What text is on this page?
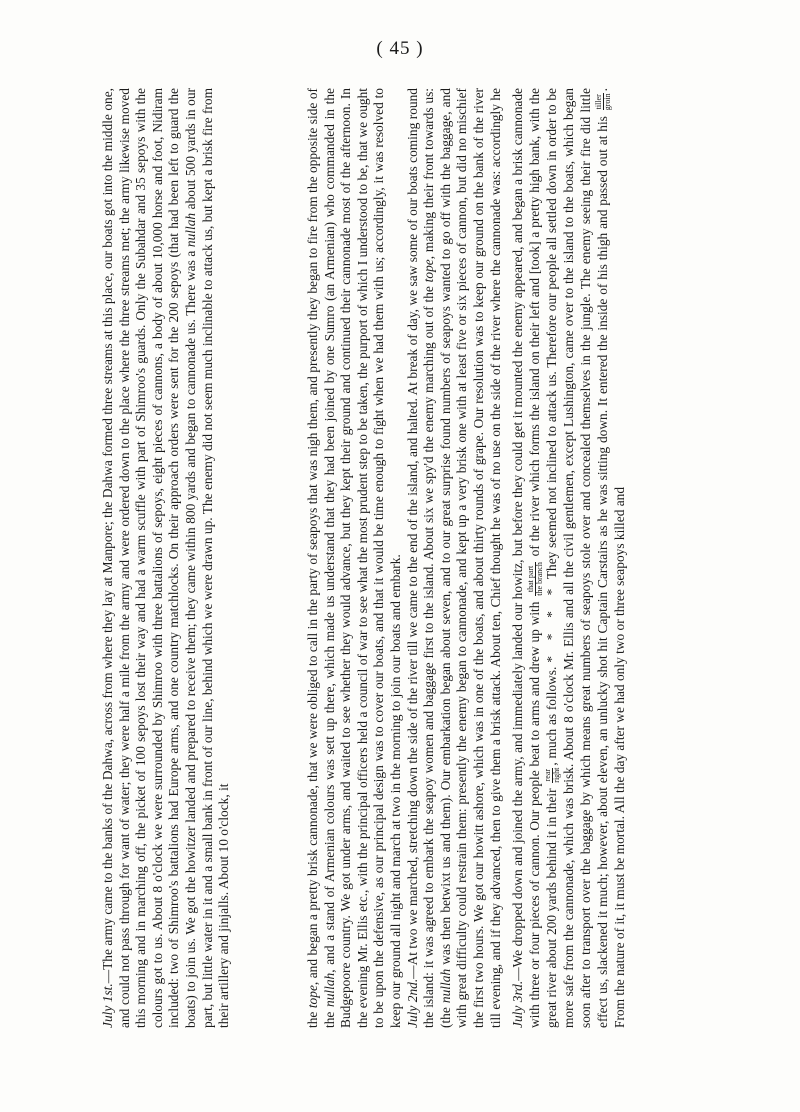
( 45 )

July 1st.—The army came to the banks of the Dahwa, across from where they lay at Manpore; the Dahwa formed three streams at this place, our boats got into the middle one, and could not pass through for want of water; they were half a mile from the army and were ordered down to the place where the three streams met; the army likewise moved this morning and in marching off, the picket of 100 sepoys lost their way and had a warm scuffle with part of Shimroo's guards. Only the Subahdar and 35 sepoys with the colours got to us. About 8 o'clock we were surrounded by Shimroo with three battalions of sepoys, eight pieces of cannons, a body of about 10,000 horse and foot, Nidiram included: two of Shimroo's battalions had Europe arms, and one country matchlocks. On their approach orders were sent for the 200 sepoys (that had been left to guard the boats) to join us. We got the howitzer landed and prepared to receive them; they came within 800 yards and began to cannonade us. There was a nullah about 500 yards in our part, but little water in it and a small bank in front of our line, behind which we were drawn up. The enemy did not seem much inclinable to attack us, but kept a brisk fire from their artillery and jinjalls. About 10 o'clock, it	the tope, and began a pretty brisk cannonade, that we were obliged to call in the party of seapoys that was nigh them, and presently they began to fire from the opposite side of the nullah, and a stand of Armenian colours was sett up there, which made us understand that they had been joined by one Sumro (an Armenian) who commanded in the Budgepoore country. We got under arms, and waited to see whether they would advance, but they kept their ground and continued their cannonade most of the afternoon. In the evening Mr. Ellis etc., with the principal officers held a council of war to see what the most prudent step to be taken, the purport of which I understood to be, that we ought to be upon the defensive, as our principal design was to cover our boats, and that it would be time enough to fight when we had them with us; accordingly, it was resolved to keep our ground all night and march at two in the morning to join our boats and embark. July 2nd.—At two we marched, stretching down the side of the river till we came to the end of the island, and halted. At break of day, we saw some of our boats coming round the island: it was agreed to embark the seapoy women and baggage first to the island. About six we spy'd the enemy marching out of the tope, making their front towards us: (the nullah was then betwixt us and them). Our embarkation began about seven, and to our great surprise found numbers of seapoys wanted to go off with the baggage, and with great difficulty could restrain them: presently the enemy began to cannonade, and kept up a very brisk one with at least five or six pieces of cannon, but did no mischief the first two hours. We got our howitt ashore, which was in one of the boats, and about thirty rounds of grape. Our resolution was to keep our ground on the bank of the river till evening, and if they advanced, then to give them a brisk attack. About ten, Chief thought he was of no use on the side of the river where the cannonade was: accordingly he

July 3rd.—We dropped down and joined the army, and immediately landed our howitz, but before they could get it mounted the enemy appeared, and began a brisk cannonade with three or four pieces of cannon. Our people beat to arms and drew up with
that part the branch
of the river which forms the island on their left and [took] a pretty high bank, with the great river about 200 yards behind it in their
rear right
, much as follows.* * * * They seemed not inclined to attack us. Therefore our people all settled down in order to be more safe from the cannonade, which was brisk. About 8 o'clock Mr. Ellis and all the civil gentlemen, except Lushington, came over to the island to the boats, which began soon after to transport over the baggage by which means great numbers of seapoys stole over and concealed themselves in the jungle. The enemy seeing their fire did little effect us, slackened it much; however, about eleven, an unlucky shot hit Captain Carstairs as he was sitting down. It entered the inside of his thigh and passed out at his
tiller groin
. From the nature of it, it must be mortal. All the day after we had only two or three seapoys killed and
